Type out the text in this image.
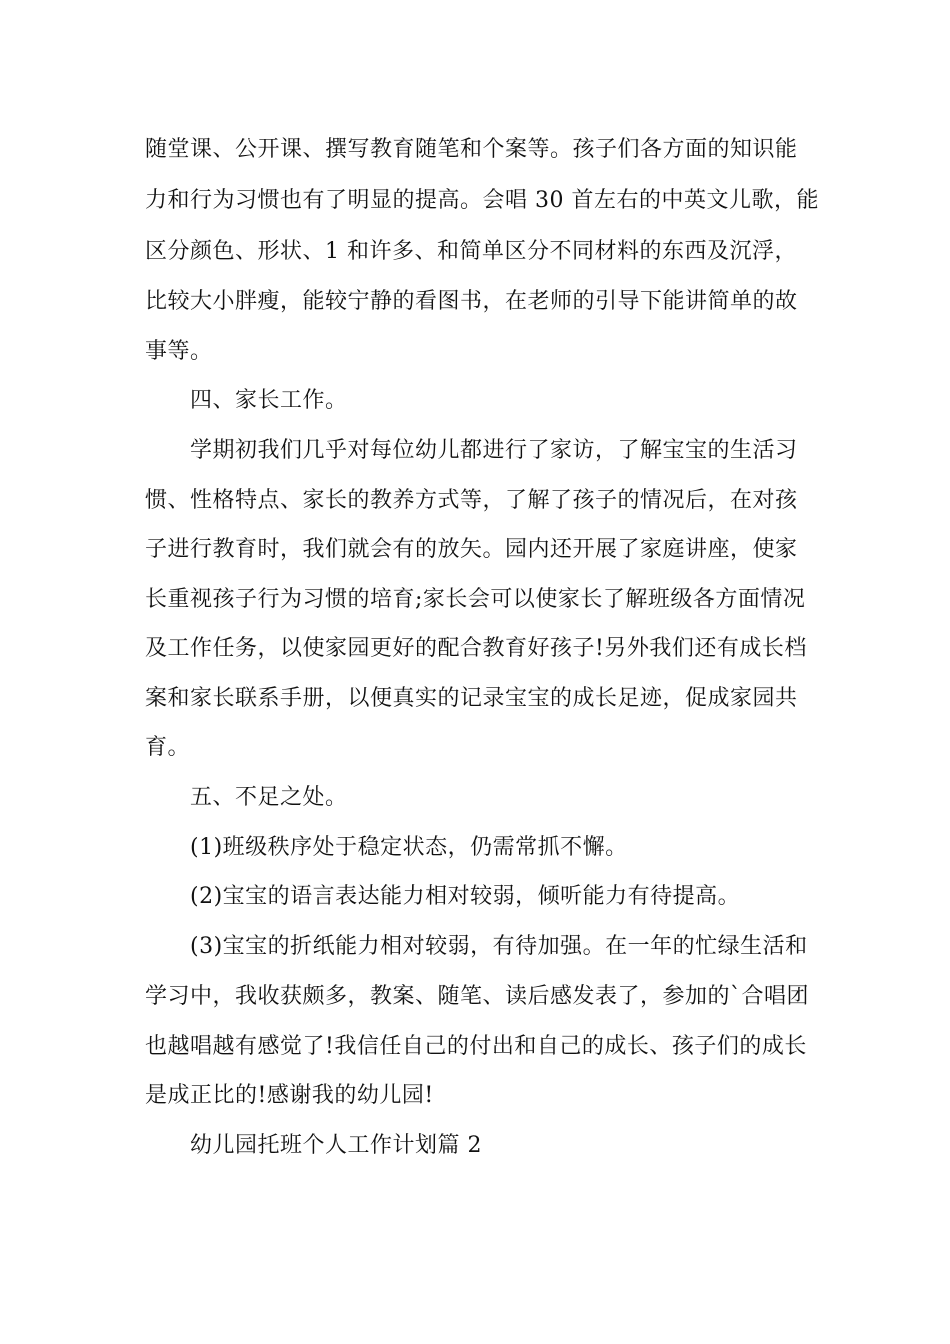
随堂课、公开课、撰写教育随笔和个案等。孩子们各方面的知识能
力和行为习惯也有了明显的提高。会唱 30 首左右的中英文儿歌，能
区分颜色、形状、1 和许多、和简单区分不同材料的东西及沉浮，
比较大小胖瘦，能较宁静的看图书，在老师的引导下能讲简单的故
事等。
四、家长工作。
学期初我们几乎对每位幼儿都进行了家访，了解宝宝的生活习
惯、性格特点、家长的教养方式等，了解了孩子的情况后，在对孩
子进行教育时，我们就会有的放矢。园内还开展了家庭讲座，使家
长重视孩子行为习惯的培育;家长会可以使家长了解班级各方面情况
及工作任务，以使家园更好的配合教育好孩子!另外我们还有成长档
案和家长联系手册，以便真实的记录宝宝的成长足迹，促成家园共
育。
五、不足之处。
(1)班级秩序处于稳定状态，仍需常抓不懈。
(2)宝宝的语言表达能力相对较弱，倾听能力有待提高。
(3)宝宝的折纸能力相对较弱，有待加强。在一年的忙绿生活和
学习中，我收获颇多，教案、随笔、读后感发表了，参加的`合唱团
也越唱越有感觉了!我信任自己的付出和自己的成长、孩子们的成长
是成正比的!感谢我的幼儿园!
幼儿园托班个人工作计划篇 2
